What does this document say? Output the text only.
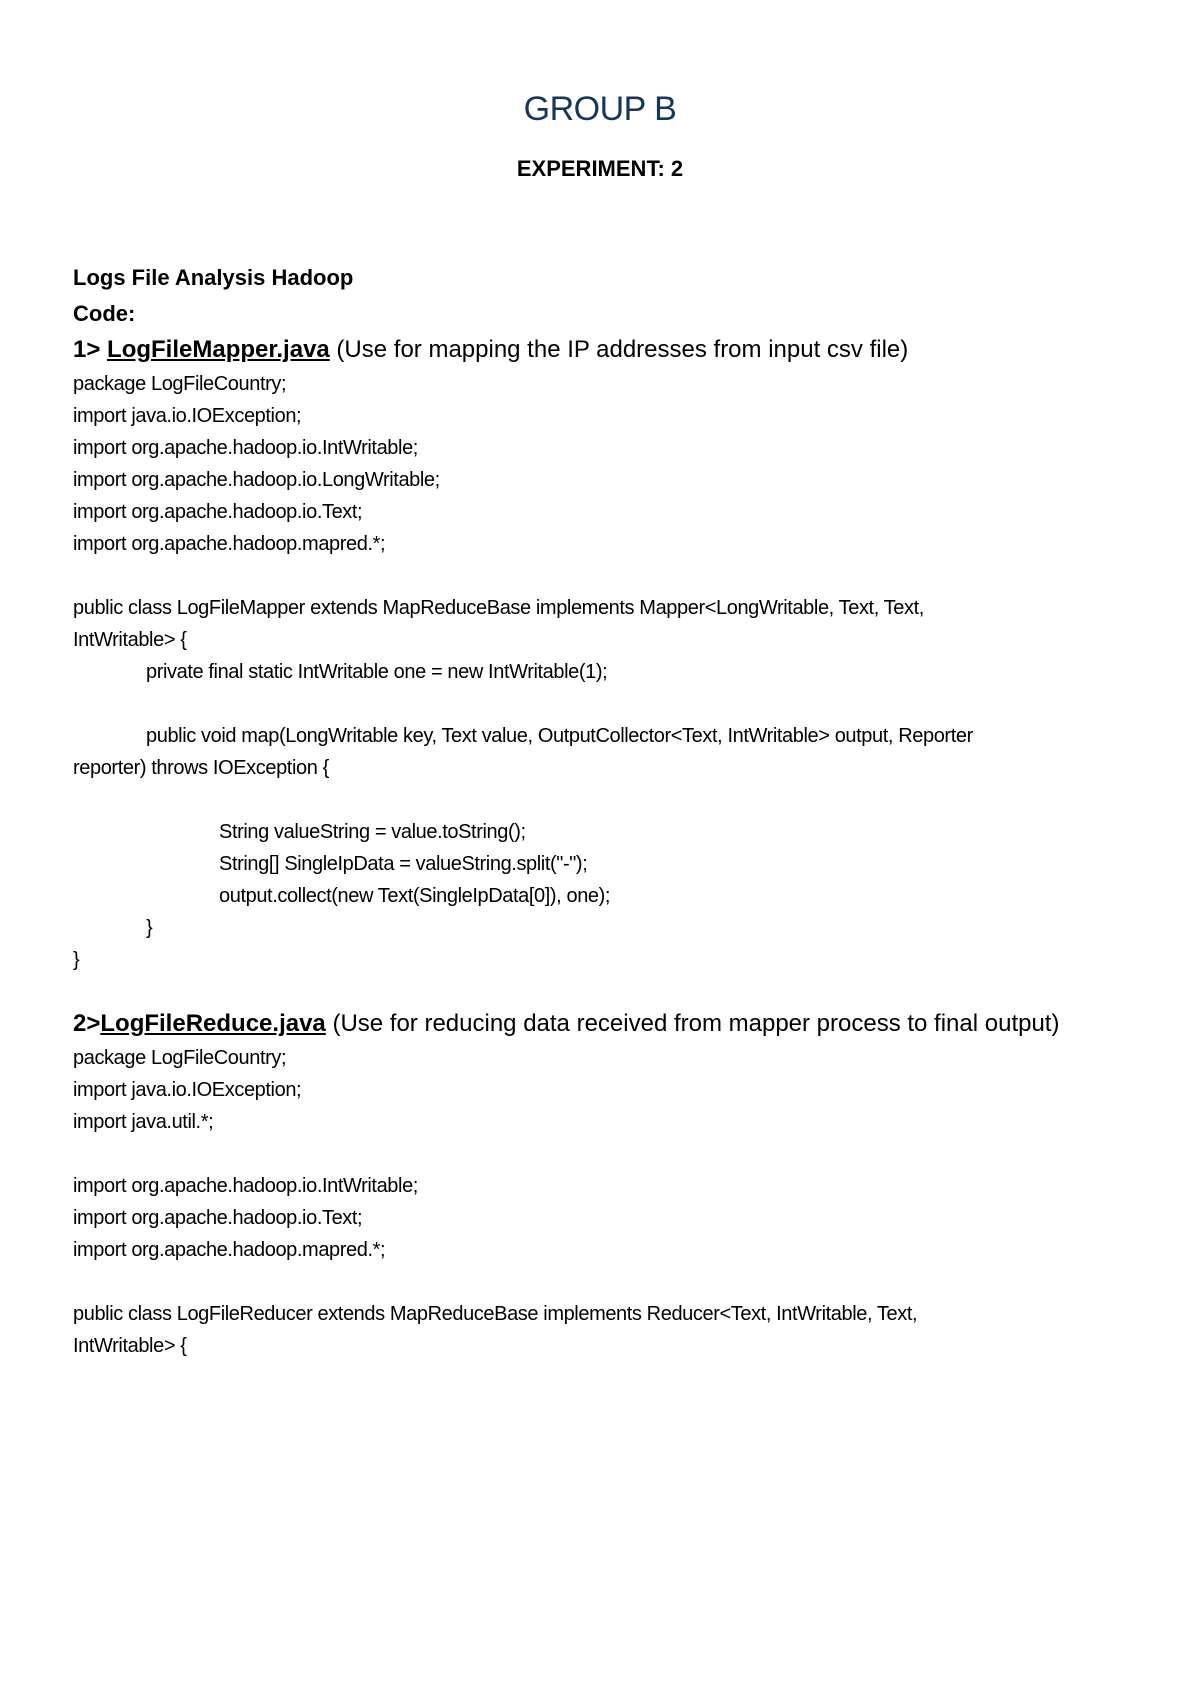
GROUP B
EXPERIMENT: 2
Logs File Analysis Hadoop
Code:
1> LogFileMapper.java (Use for mapping the IP addresses from input csv file)
package LogFileCountry;
import java.io.IOException;
import org.apache.hadoop.io.IntWritable;
import org.apache.hadoop.io.LongWritable;
import org.apache.hadoop.io.Text;
import org.apache.hadoop.mapred.*;
public class LogFileMapper extends MapReduceBase implements Mapper<LongWritable, Text, Text,
IntWritable> {
private final static IntWritable one = new IntWritable(1);
public void map(LongWritable key, Text value, OutputCollector<Text, IntWritable> output, Reporter
reporter) throws IOException {
String valueString = value.toString();
String[] SingleIpData = valueString.split("-");
output.collect(new Text(SingleIpData[0]), one);
}
}
2>LogFileReduce.java (Use for reducing data received from mapper process to final output)
package LogFileCountry;
import java.io.IOException;
import java.util.*;
import org.apache.hadoop.io.IntWritable;
import org.apache.hadoop.io.Text;
import org.apache.hadoop.mapred.*;
public class LogFileReducer extends MapReduceBase implements Reducer<Text, IntWritable, Text,
IntWritable> {
